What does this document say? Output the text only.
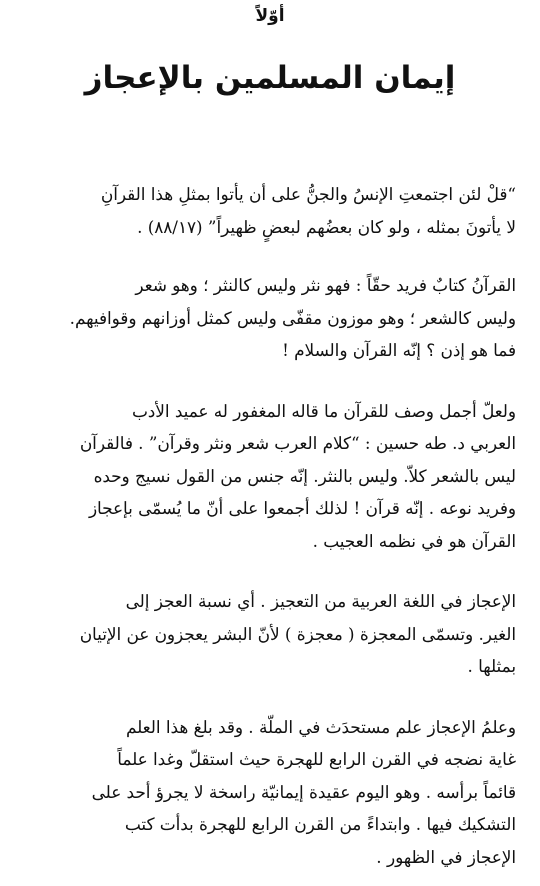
أوّلاً
إيمان المسلمين بالإعجاز

“قلْ لئن اجتمعتِ الإنسُ والجنُّ على أن يأتوا بمثلِ هذا القرآنِ
لا يأتونَ بمثله ، ولو كان بعضُهم لبعضٍ ظهيراً” (٨٨/١٧) .

القرآنُ كتابٌ فريد حقّاً : فهو نثر وليس كالنثر ؛ وهو شعر
وليس كالشعر ؛ وهو موزون مقفّى وليس كمثل أوزانهم وقوافيهم.
فما هو إذن ؟ إنّه القرآن والسلام !

ولعلّ أجمل وصف للقرآن ما قاله المغفور له عميد الأدب
العربي د. طه حسين : “كلام العرب شعر ونثر وقرآن” . فالقرآن
ليس بالشعر كلاّ. وليس بالنثر. إنّه جنس من القول نسيج وحده
وفريد نوعه . إنّه قرآن ! لذلك أجمعوا على أنّ ما يُسمّى بإعجاز
القرآن هو في نظمه العجيب .

الإعجاز في اللغة العربية من التعجيز . أي نسبة العجز إلى
الغير. وتسمّى المعجزة ( معجزة ) لأنّ البشر يعجزون عن الإتيان
بمثلها .

وعلمُ الإعجاز علم مستحدَث في الملّة . وقد بلغ هذا العلم
غاية نضجه في القرن الرابع للهجرة حيث استقلّ وغدا علماً
قائماً برأسه . وهو اليوم عقيدة إيمانيّة راسخة لا يجرؤ أحد على
التشكيك فيها . وابتداءً من القرن الرابع للهجرة بدأت كتب
الإعجاز في الظهور .
